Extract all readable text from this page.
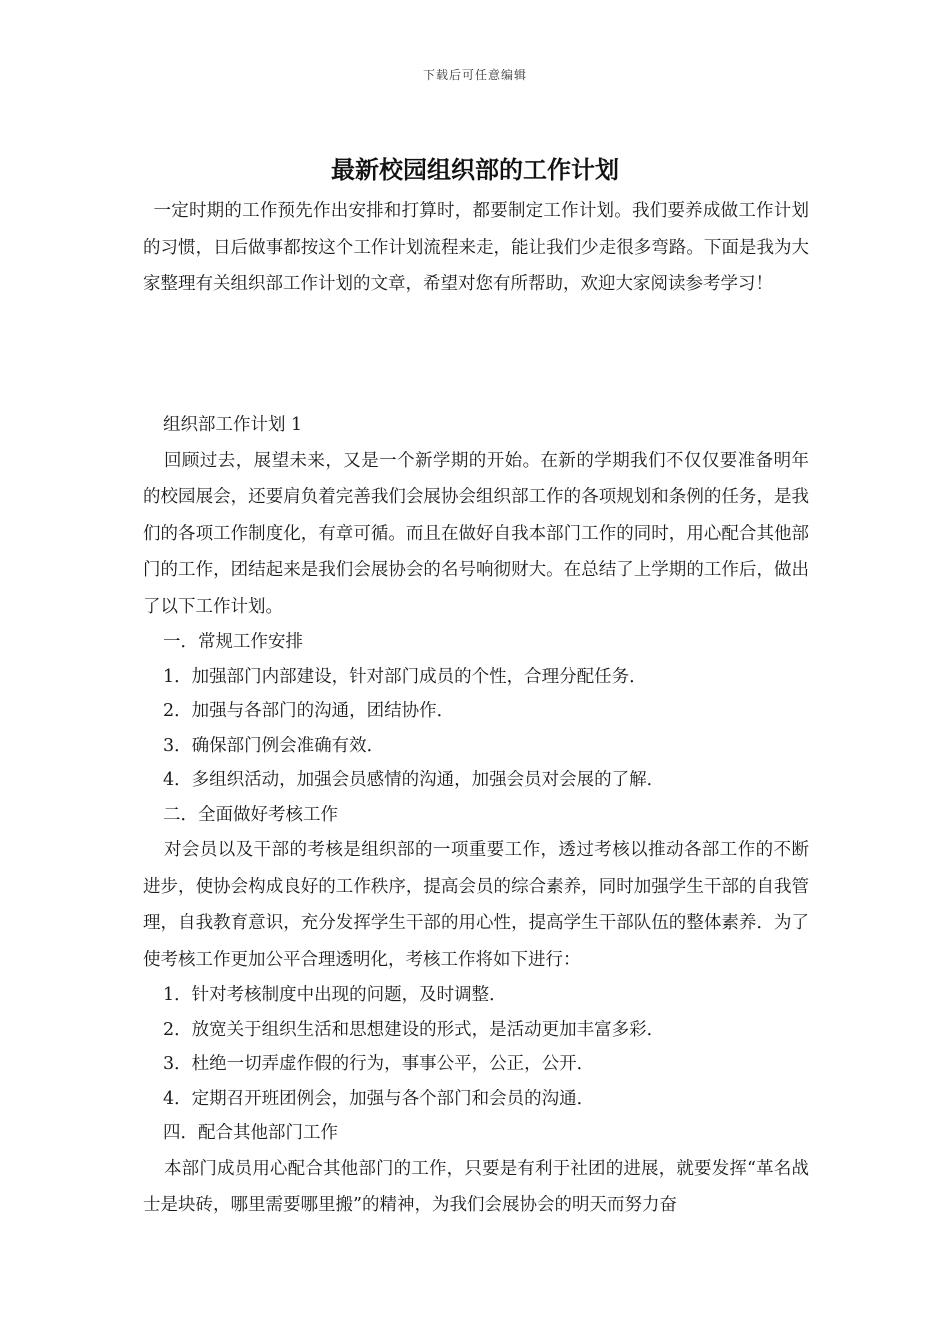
下载后可任意编辑
最新校园组织部的工作计划

一定时期的工作预先作出安排和打算时，都要制定工作计划。我们要养成做工作计划的习惯，日后做事都按这个工作计划流程来走，能让我们少走很多弯路。下面是我为大家整理有关组织部工作计划的文章，希望对您有所帮助，欢迎大家阅读参考学习！

组织部工作计划 1

回顾过去，展望未来，又是一个新学期的开始。在新的学期我们不仅仅要准备明年的校园展会，还要肩负着完善我们会展协会组织部工作的各项规划和条例的任务，是我们的各项工作制度化，有章可循。而且在做好自我本部门工作的同时，用心配合其他部门的工作，团结起来是我们会展协会的名号响彻财大。在总结了上学期的工作后，做出了以下工作计划。

一．常规工作安排

1．加强部门内部建设，针对部门成员的个性，合理分配任务．

2．加强与各部门的沟通，团结协作．

3．确保部门例会准确有效．

4．多组织活动，加强会员感情的沟通，加强会员对会展的了解．

二．全面做好考核工作

对会员以及干部的考核是组织部的一项重要工作，透过考核以推动各部工作的不断进步，使协会构成良好的工作秩序，提高会员的综合素养，同时加强学生干部的自我管理，自我教育意识，充分发挥学生干部的用心性，提高学生干部队伍的整体素养．为了使考核工作更加公平合理透明化，考核工作将如下进行：

1．针对考核制度中出现的问题，及时调整．

2．放宽关于组织生活和思想建设的形式，是活动更加丰富多彩．

3．杜绝一切弄虚作假的行为，事事公平，公正，公开．

4．定期召开班团例会，加强与各个部门和会员的沟通．

四．配合其他部门工作

本部门成员用心配合其他部门的工作，只要是有利于社团的进展，就要发挥“革名战士是块砖，哪里需要哪里搬”的精神，为我们会展协会的明天而努力奋
